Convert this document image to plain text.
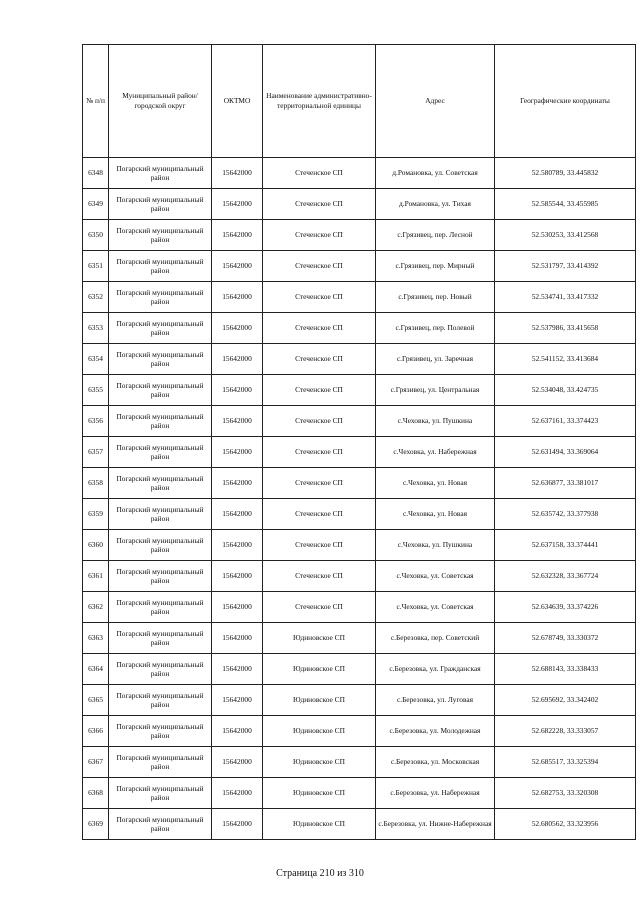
№ п/п	Муниципальный район/городской округ	ОКТМО	Наименование административно-территориальной единицы	Адрес	Географические координаты
6348	Погарский муниципальный район	15642000	Стеченское СП	д.Романовка, ул. Советская	52.580789, 33.445832
6349	Погарский муниципальный район	15642000	Стеченское СП	д.Романовка, ул. Тихая	52.585544, 33.455985
6350	Погарский муниципальный район	15642000	Стеченское СП	с.Грязивец, пер. Лесной	52.530253, 33.412568
6351	Погарский муниципальный район	15642000	Стеченское СП	с.Грязивец, пер. Мирный	52.531797, 33.414392
6352	Погарский муниципальный район	15642000	Стеченское СП	с.Грязивец, пер. Новый	52.534741, 33.417332
6353	Погарский муниципальный район	15642000	Стеченское СП	с.Грязивец, пер. Полевой	52.537986, 33.415658
6354	Погарский муниципальный район	15642000	Стеченское СП	с.Грязивец, ул. Заречная	52.541152, 33.413684
6355	Погарский муниципальный район	15642000	Стеченское СП	с.Грязивец, ул. Центральная	52.534048, 33.424735
6356	Погарский муниципальный район	15642000	Стеченское СП	с.Чеховка, ул. Пушкина	52.637161, 33.374423
6357	Погарский муниципальный район	15642000	Стеченское СП	с.Чеховка, ул. Набережная	52.631494, 33.369064
6358	Погарский муниципальный район	15642000	Стеченское СП	с.Чеховка, ул. Новая	52.636877, 33.381017
6359	Погарский муниципальный район	15642000	Стеченское СП	с.Чеховка, ул. Новая	52.635742, 33.377938
6360	Погарский муниципальный район	15642000	Стеченское СП	с.Чеховка, ул. Пушкина	52.637158, 33.374441
6361	Погарский муниципальный район	15642000	Стеченское СП	с.Чеховка, ул. Советская	52.632328, 33.367724
6362	Погарский муниципальный район	15642000	Стеченское СП	с.Чеховка, ул. Советская	52.634639, 33.374226
6363	Погарский муниципальный район	15642000	Юдиновское СП	с.Березовка, пер. Советский	52.678749, 33.330372
6364	Погарский муниципальный район	15642000	Юдиновское СП	с.Березовка, ул. Гражданская	52.688143, 33.338433
6365	Погарский муниципальный район	15642000	Юдиновское СП	с.Березовка, ул. Луговая	52.695692, 33.342402
6366	Погарский муниципальный район	15642000	Юдиновское СП	с.Березовка, ул. Молодежная	52.682228, 33.333057
6367	Погарский муниципальный район	15642000	Юдиновское СП	с.Березовка, ул. Московская	52.685517, 33.325394
6368	Погарский муниципальный район	15642000	Юдиновское СП	с.Березовка, ул. Набережная	52.682753, 33.320308
6369	Погарский муниципальный район	15642000	Юдиновское СП	с.Березовка, ул. Нижне-Набережная	52.680562, 33.323956
Страница 210 из 310
